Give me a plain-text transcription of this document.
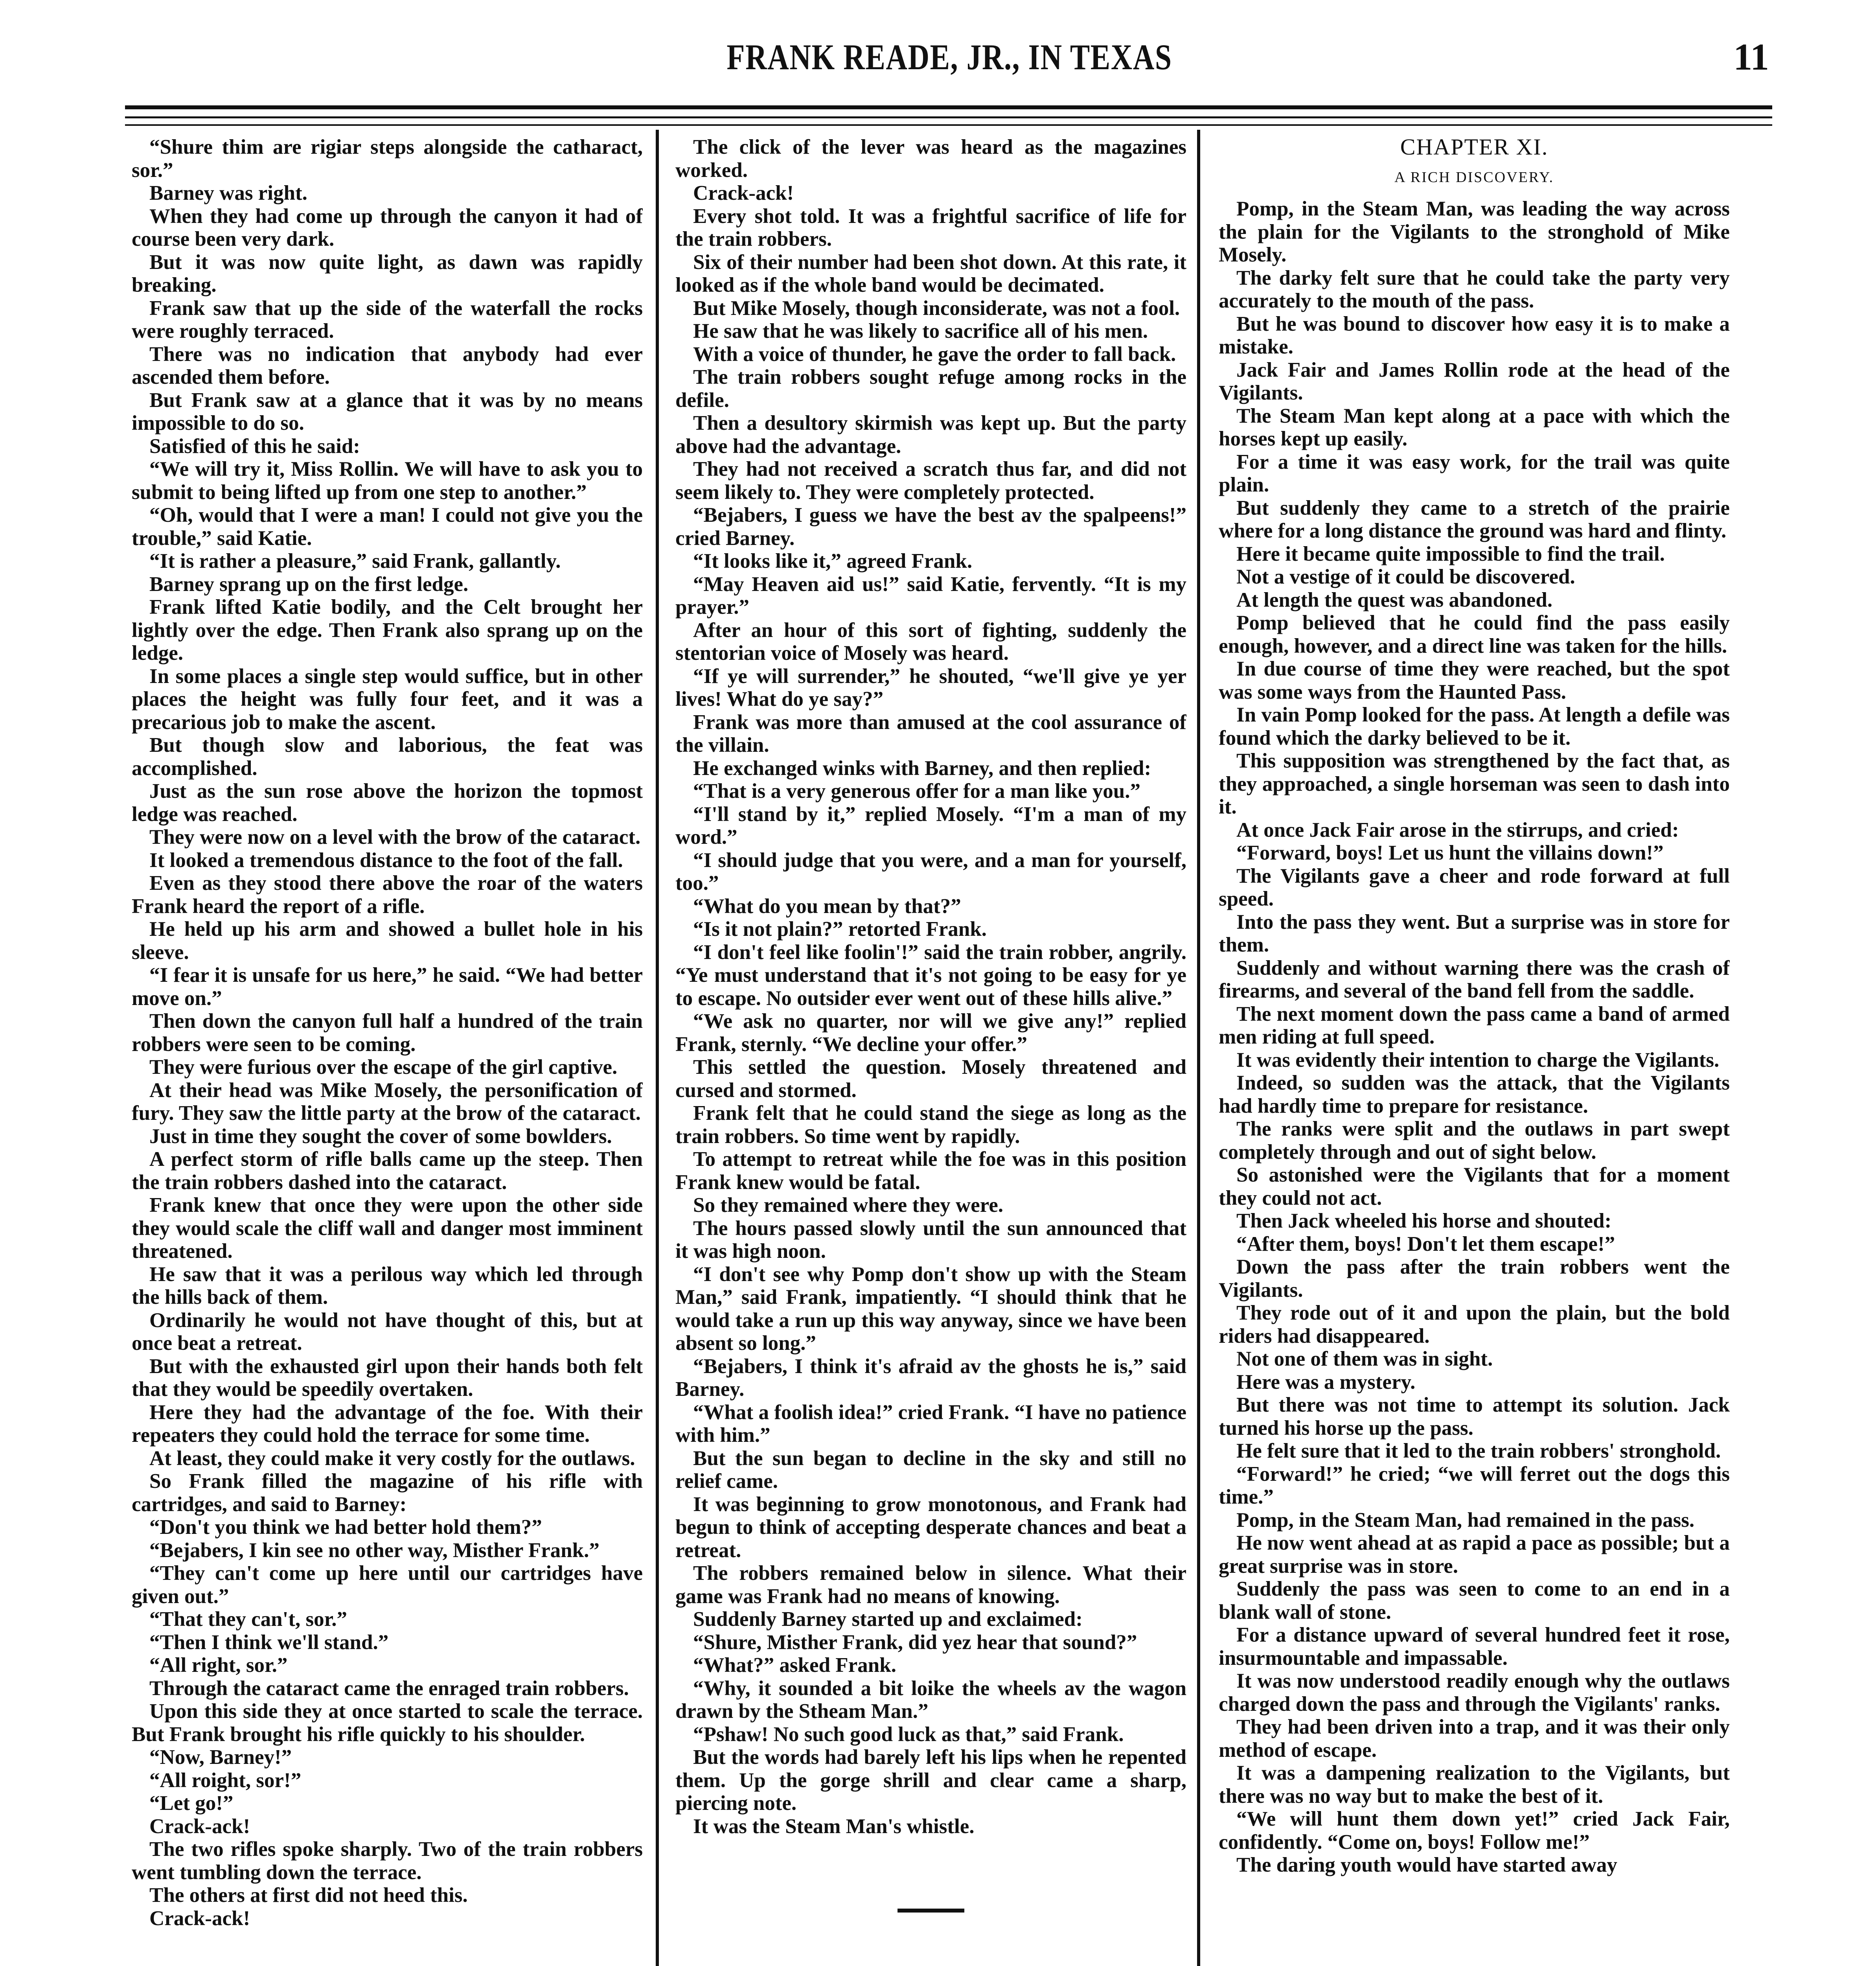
FRANK READE, JR., IN TEXAS	11

“Shure thim are rigiar steps alongside the catharact, sor.”

Barney was right.

When they had come up through the canyon it had of course been very dark.

But it was now quite light, as dawn was rapidly breaking.

Frank saw that up the side of the waterfall the rocks were roughly terraced.

There was no indication that anybody had ever ascended them before.

But Frank saw at a glance that it was by no means impossible to do so.

Satisfied of this he said:

“We will try it, Miss Rollin. We will have to ask you to submit to being lifted up from one step to another.”

“Oh, would that I were a man! I could not give you the trouble,” said Katie.

“It is rather a pleasure,” said Frank, gallantly.

Barney sprang up on the first ledge.

Frank lifted Katie bodily, and the Celt brought her lightly over the edge. Then Frank also sprang up on the ledge.

In some places a single step would suffice, but in other places the height was fully four feet, and it was a precarious job to make the ascent.

But though slow and laborious, the feat was accomplished.

Just as the sun rose above the horizon the topmost ledge was reached.

They were now on a level with the brow of the cataract.

It looked a tremendous distance to the foot of the fall.

Even as they stood there above the roar of the waters Frank heard the report of a rifle.

He held up his arm and showed a bullet hole in his sleeve.

“I fear it is unsafe for us here,” he said. “We had better move on.”

Then down the canyon full half a hundred of the train robbers were seen to be coming.

They were furious over the escape of the girl captive.

At their head was Mike Mosely, the personification of fury. They saw the little party at the brow of the cataract.

Just in time they sought the cover of some bowlders.

A perfect storm of rifle balls came up the steep. Then the train robbers dashed into the cataract.

Frank knew that once they were upon the other side they would scale the cliff wall and danger most imminent threatened.

He saw that it was a perilous way which led through the hills back of them.

Ordinarily he would not have thought of this, but at once beat a retreat.

But with the exhausted girl upon their hands both felt that they would be speedily overtaken.

Here they had the advantage of the foe. With their repeaters they could hold the terrace for some time.

At least, they could make it very costly for the outlaws.

So Frank filled the magazine of his rifle with cartridges, and said to Barney:

“Don't you think we had better hold them?”

“Bejabers, I kin see no other way, Misther Frank.”

“They can't come up here until our cartridges have given out.”

“That they can't, sor.”

“Then I think we'll stand.”

“All right, sor.”

Through the cataract came the enraged train robbers.

Upon this side they at once started to scale the terrace. But Frank brought his rifle quickly to his shoulder.

“Now, Barney!”

“All roight, sor!”

“Let go!”

Crack-ack!

The two rifles spoke sharply. Two of the train robbers went tumbling down the terrace.

The others at first did not heed this.

Crack-ack!

The click of the lever was heard as the magazines worked.

Crack-ack!

Every shot told. It was a frightful sacrifice of life for the train robbers.

Six of their number had been shot down. At this rate, it looked as if the whole band would be decimated.

But Mike Mosely, though inconsiderate, was not a fool.

He saw that he was likely to sacrifice all of his men.

With a voice of thunder, he gave the order to fall back.

The train robbers sought refuge among rocks in the defile.

Then a desultory skirmish was kept up. But the party above had the advantage.

They had not received a scratch thus far, and did not seem likely to. They were completely protected.

“Bejabers, I guess we have the best av the spalpeens!” cried Barney.

“It looks like it,” agreed Frank.

“May Heaven aid us!” said Katie, fervently. “It is my prayer.”

After an hour of this sort of fighting, suddenly the stentorian voice of Mosely was heard.

“If ye will surrender,” he shouted, “we'll give ye yer lives! What do ye say?”

Frank was more than amused at the cool assurance of the villain.

He exchanged winks with Barney, and then replied:

“That is a very generous offer for a man like you.”

“I'll stand by it,” replied Mosely. “I'm a man of my word.”

“I should judge that you were, and a man for yourself, too.”

“What do you mean by that?”

“Is it not plain?” retorted Frank.

“I don't feel like foolin'!” said the train robber, angrily. “Ye must understand that it's not going to be easy for ye to escape. No outsider ever went out of these hills alive.”

“We ask no quarter, nor will we give any!” replied Frank, sternly. “We decline your offer.”

This settled the question. Mosely threatened and cursed and stormed.

Frank felt that he could stand the siege as long as the train robbers. So time went by rapidly.

To attempt to retreat while the foe was in this position Frank knew would be fatal.

So they remained where they were.

The hours passed slowly until the sun announced that it was high noon.

“I don't see why Pomp don't show up with the Steam Man,” said Frank, impatiently. “I should think that he would take a run up this way anyway, since we have been absent so long.”

“Bejabers, I think it's afraid av the ghosts he is,” said Barney.

“What a foolish idea!” cried Frank. “I have no patience with him.”

But the sun began to decline in the sky and still no relief came.

It was beginning to grow monotonous, and Frank had begun to think of accepting desperate chances and beat a retreat.

The robbers remained below in silence. What their game was Frank had no means of knowing.

Suddenly Barney started up and exclaimed:

“Shure, Misther Frank, did yez hear that sound?”

“What?” asked Frank.

“Why, it sounded a bit loike the wheels av the wagon drawn by the Stheam Man.”

“Pshaw! No such good luck as that,” said Frank.

But the words had barely left his lips when he repented them. Up the gorge shrill and clear came a sharp, piercing note.

It was the Steam Man's whistle.

CHAPTER XI.
A RICH DISCOVERY.

Pomp, in the Steam Man, was leading the way across the plain for the Vigilants to the stronghold of Mike Mosely.

The darky felt sure that he could take the party very accurately to the mouth of the pass.

But he was bound to discover how easy it is to make a mistake.

Jack Fair and James Rollin rode at the head of the Vigilants.

The Steam Man kept along at a pace with which the horses kept up easily.

For a time it was easy work, for the trail was quite plain.

But suddenly they came to a stretch of the prairie where for a long distance the ground was hard and flinty.

Here it became quite impossible to find the trail.

Not a vestige of it could be discovered.

At length the quest was abandoned.

Pomp believed that he could find the pass easily enough, however, and a direct line was taken for the hills.

In due course of time they were reached, but the spot was some ways from the Haunted Pass.

In vain Pomp looked for the pass. At length a defile was found which the darky believed to be it.

This supposition was strengthened by the fact that, as they approached, a single horseman was seen to dash into it.

At once Jack Fair arose in the stirrups, and cried:

“Forward, boys! Let us hunt the villains down!”

The Vigilants gave a cheer and rode forward at full speed.

Into the pass they went. But a surprise was in store for them.

Suddenly and without warning there was the crash of firearms, and several of the band fell from the saddle.

The next moment down the pass came a band of armed men riding at full speed.

It was evidently their intention to charge the Vigilants.

Indeed, so sudden was the attack, that the Vigilants had hardly time to prepare for resistance.

The ranks were split and the outlaws in part swept completely through and out of sight below.

So astonished were the Vigilants that for a moment they could not act.

Then Jack wheeled his horse and shouted:

“After them, boys! Don't let them escape!”

Down the pass after the train robbers went the Vigilants.

They rode out of it and upon the plain, but the bold riders had disappeared.

Not one of them was in sight.

Here was a mystery.

But there was not time to attempt its solution. Jack turned his horse up the pass.

He felt sure that it led to the train robbers' stronghold.

“Forward!” he cried; “we will ferret out the dogs this time.”

Pomp, in the Steam Man, had remained in the pass.

He now went ahead at as rapid a pace as possible; but a great surprise was in store.

Suddenly the pass was seen to come to an end in a blank wall of stone.

For a distance upward of several hundred feet it rose, insurmountable and impassable.

It was now understood readily enough why the outlaws charged down the pass and through the Vigilants' ranks.

They had been driven into a trap, and it was their only method of escape.

It was a dampening realization to the Vigilants, but there was no way but to make the best of it.

“We will hunt them down yet!” cried Jack Fair, confidently. “Come on, boys! Follow me!”

The daring youth would have started away
